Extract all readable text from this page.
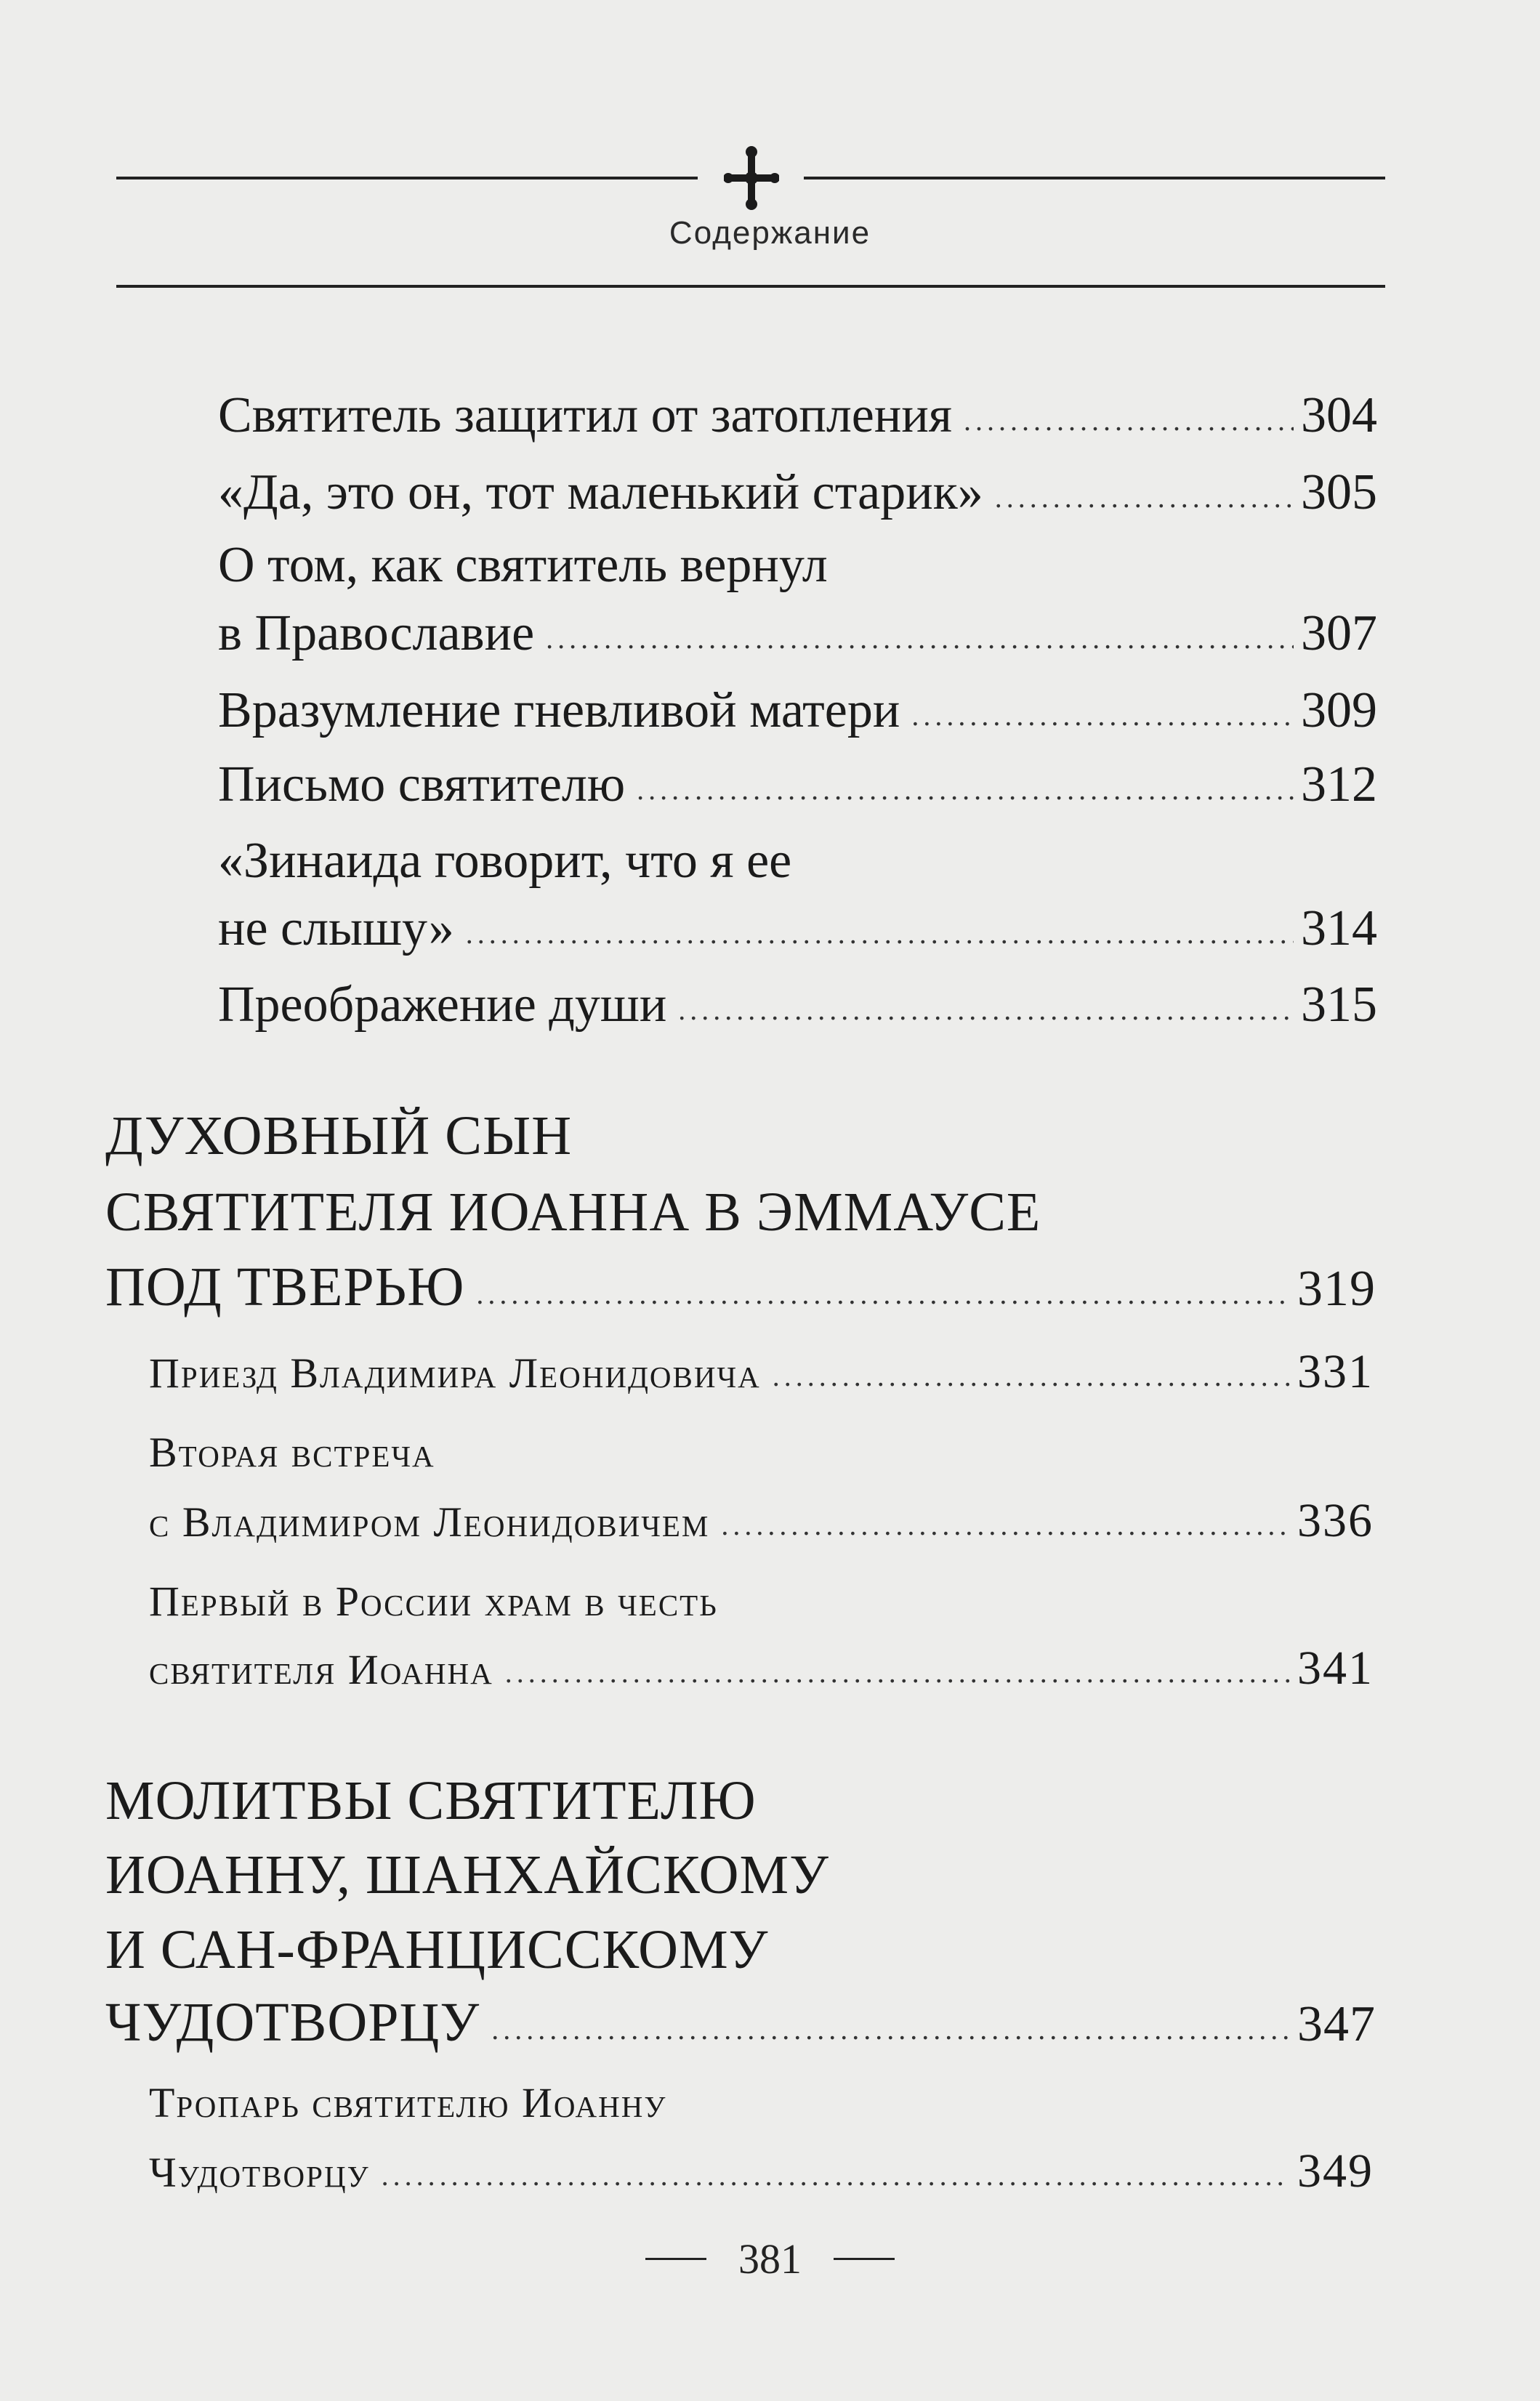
Содержание
Святитель защитил от затопления .....	304
«Да, это он, тот маленький старик» .....	305
О том, как святитель вернул
в Православие .....	307
Вразумление гневливой матери .....	309
Письмо святителю .....	312
«Зинаида говорит, что я ее
не слышу» .....	314
Преображение души .....	315
ДУХОВНЫЙ СЫН
СВЯТИТЕЛЯ ИОАННА В ЭММАУСЕ
ПОД ТВЕРЬЮ .....	319
Приезд Владимира Леонидовича .....	331
Вторая встреча
с Владимиром Леонидовичем .....	336
Первый в России храм в честь
святителя Иоанна .....	341
МОЛИТВЫ СВЯТИТЕЛЮ
ИОАННУ, ШАНХАЙСКОМУ
И САН-ФРАНЦИССКОМУ
ЧУДОТВОРЦУ .....	347
Тропарь святителю Иоанну
Чудотворцу .....	349
381
